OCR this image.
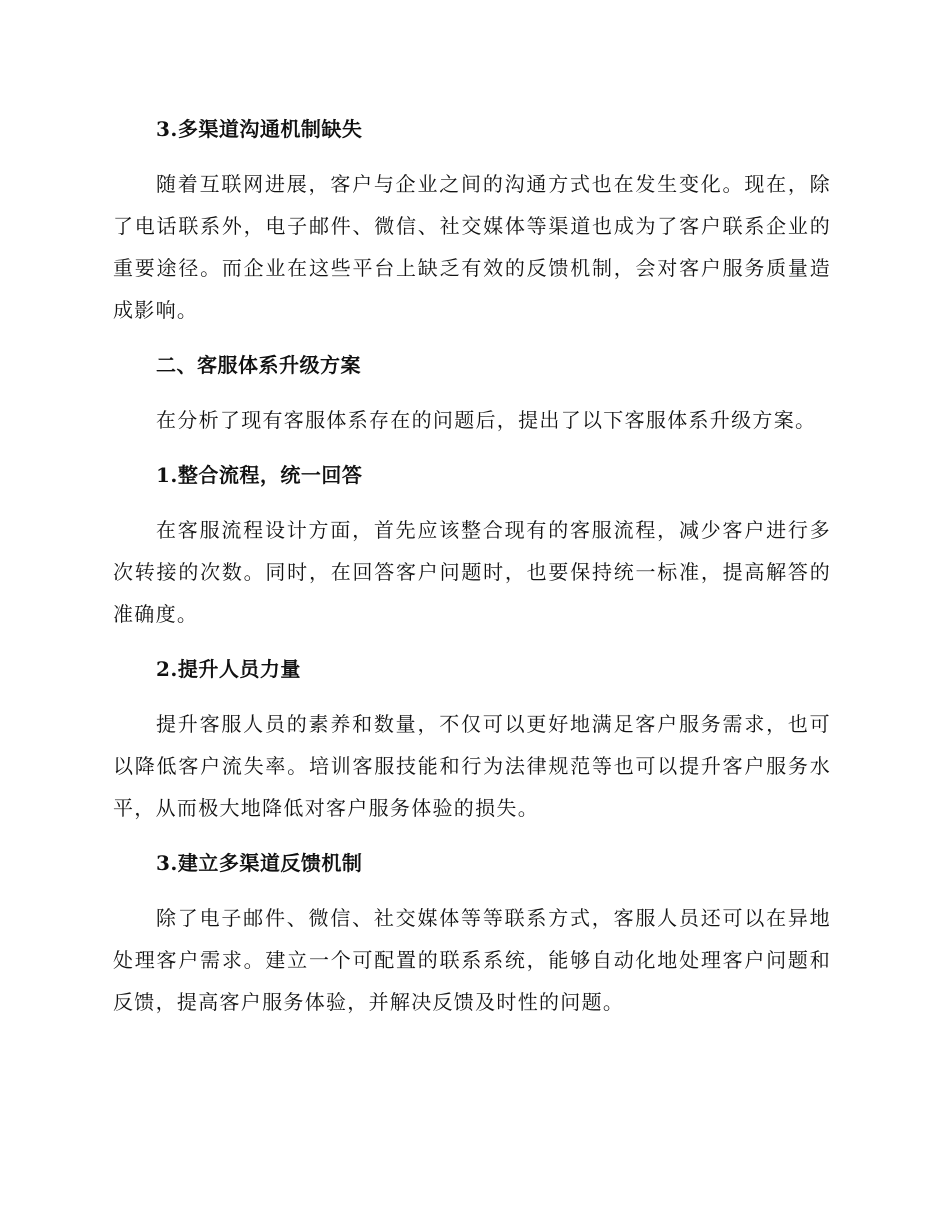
3.多渠道沟通机制缺失

随着互联网进展，客户与企业之间的沟通方式也在发生变化。现在，除了电话联系外，电子邮件、微信、社交媒体等渠道也成为了客户联系企业的重要途径。而企业在这些平台上缺乏有效的反馈机制，会对客户服务质量造成影响。

二、客服体系升级方案

在分析了现有客服体系存在的问题后，提出了以下客服体系升级方案。

1.整合流程，统一回答

在客服流程设计方面，首先应该整合现有的客服流程，减少客户进行多次转接的次数。同时，在回答客户问题时，也要保持统一标准，提高解答的准确度。

2.提升人员力量

提升客服人员的素养和数量，不仅可以更好地满足客户服务需求，也可以降低客户流失率。培训客服技能和行为法律规范等也可以提升客户服务水平，从而极大地降低对客户服务体验的损失。

3.建立多渠道反馈机制

除了电子邮件、微信、社交媒体等等联系方式，客服人员还可以在异地处理客户需求。建立一个可配置的联系系统，能够自动化地处理客户问题和反馈，提高客户服务体验，并解决反馈及时性的问题。
